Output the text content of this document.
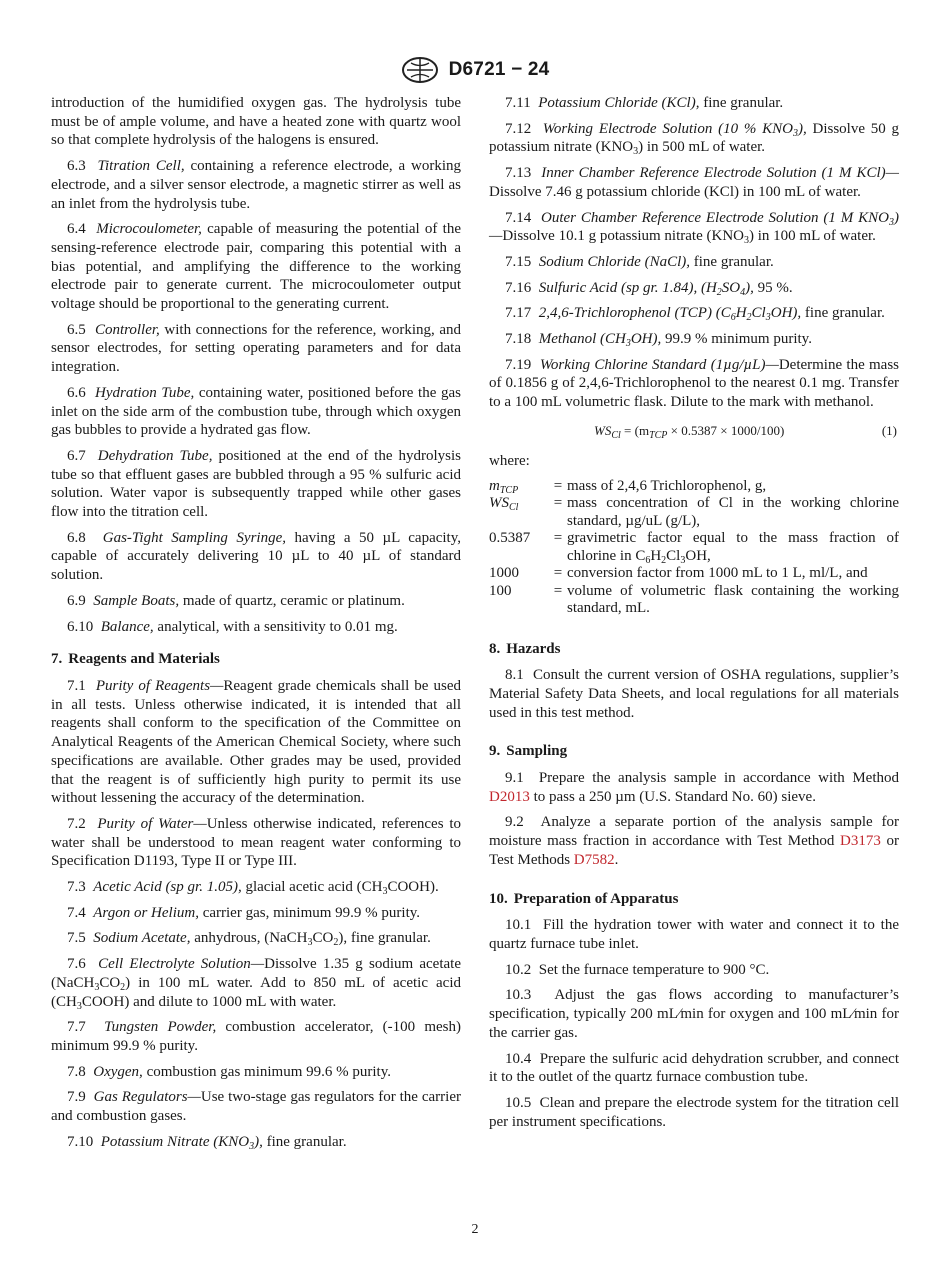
D6721 − 24

introduction of the humidified oxygen gas. The hydrolysis tube must be of ample volume, and have a heated zone with quartz wool so that complete hydrolysis of the halogens is ensured.

6.3 Titration Cell, containing a reference electrode, a working electrode, and a silver sensor electrode, a magnetic stirrer as well as an inlet from the hydrolysis tube.

6.4 Microcoulometer, capable of measuring the potential of the sensing-reference electrode pair, comparing this potential with a bias potential, and amplifying the difference to the working electrode pair to generate current. The microcoulometer output voltage should be proportional to the generating current.

6.5 Controller, with connections for the reference, working, and sensor electrodes, for setting operating parameters and for data integration.

6.6 Hydration Tube, containing water, positioned before the gas inlet on the side arm of the combustion tube, through which oxygen gas bubbles to provide a hydrated gas flow.

6.7 Dehydration Tube, positioned at the end of the hydrolysis tube so that effluent gases are bubbled through a 95 % sulfuric acid solution. Water vapor is subsequently trapped while other gases flow into the titration cell.

6.8 Gas-Tight Sampling Syringe, having a 50 µL capacity, capable of accurately delivering 10 µL to 40 µL of standard solution.

6.9 Sample Boats, made of quartz, ceramic or platinum.

6.10 Balance, analytical, with a sensitivity to 0.01 mg.

7. Reagents and Materials

7.1 Purity of Reagents—Reagent grade chemicals shall be used in all tests. Unless otherwise indicated, it is intended that all reagents shall conform to the specification of the Committee on Analytical Reagents of the American Chemical Society, where such specifications are available. Other grades may be used, provided that the reagent is of sufficiently high purity to permit its use without lessening the accuracy of the determination.

7.2 Purity of Water—Unless otherwise indicated, references to water shall be understood to mean reagent water conforming to Specification D1193, Type II or Type III.

7.3 Acetic Acid (sp gr. 1.05), glacial acetic acid $(CH_3COOH)$.

7.4 Argon or Helium, carrier gas, minimum 99.9 % purity.

7.5 Sodium Acetate, anhydrous, $(NaCH_3CO_2)$, fine granular.

7.6 Cell Electrolyte Solution—Dissolve 1.35 g sodium acetate $(NaCH_3CO_2)$ in 100 mL water. Add to 850 mL of acetic acid $(CH_3COOH)$ and dilute to 1000 mL with water.

7.7 Tungsten Powder, combustion accelerator, (-100 mesh) minimum 99.9 % purity.

7.8 Oxygen, combustion gas minimum 99.6 % purity.

7.9 Gas Regulators—Use two-stage gas regulators for the carrier and combustion gases.

7.10 Potassium Nitrate $(KNO_3)$, fine granular.

7.11 Potassium Chloride (KCl), fine granular.

7.12 Working Electrode Solution (10 % $KNO_3$), Dissolve 50 g potassium nitrate $(KNO_3)$ in 500 mL of water.

7.13 Inner Chamber Reference Electrode Solution (1 M KCl)—Dissolve 7.46 g potassium chloride (KCl) in 100 mL of water.

7.14 Outer Chamber Reference Electrode Solution (1 M $KNO_3)—Dissolve$ 10.1 g potassium nitrate $(KNO_3)$ in 100 mL of water.

7.15 Sodium Chloride (NaCl), fine granular.

7.16 Sulfuric Acid (sp gr. 1.84), $(H_2SO_4)$, 95 %.

7.17 2,4,6-Trichlorophenol (TCP) $(C_6H_2Cl_3OH)$, fine granular.

7.18 Methanol $(CH_3OH)$, 99.9 % minimum purity.

7.19 Working Chlorine Standard (1µg/µL)—Determine the mass of 0.1856 g of 2,4,6-Trichlorophenol to the nearest 0.1 mg. Transfer to a 100 mL volumetric flask. Dilute to the mark with methanol.

$WS_{Cl} = (m_{TCP} \times 0.5387 \times 1000/100)$	(1)

where:

$m_{TCP}$	=	mass of 2,4,6 Trichlorophenol, g,
$WS_{Cl}$	=	mass concentration of Cl in the working chlorine standard, µg/uL (g/L),
0.5387	=	gravimetric factor equal to the mass fraction of chlorine in $C_6H_2Cl_3OH$,
1000	=	conversion factor from 1000 mL to 1 L, ml/L, and
100	=	volume of volumetric flask containing the working standard, mL.
8. Hazards

8.1 Consult the current version of OSHA regulations, supplier’s Material Safety Data Sheets, and local regulations for all materials used in this test method.

9. Sampling

9.1 Prepare the analysis sample in accordance with Method D2013 to pass a 250 µm (U.S. Standard No. 60) sieve.

9.2 Analyze a separate portion of the analysis sample for moisture mass fraction in accordance with Test Method D3173 or Test Methods D7582.

10. Preparation of Apparatus

10.1 Fill the hydration tower with water and connect it to the quartz furnace tube inlet.

10.2 Set the furnace temperature to 900 °C.

10.3 Adjust the gas flows according to manufacturer’s specification, typically 200 mL⁄min for oxygen and 100 mL⁄min for the carrier gas.

10.4 Prepare the sulfuric acid dehydration scrubber, and connect it to the outlet of the quartz furnace combustion tube.

10.5 Clean and prepare the electrode system for the titration cell per instrument specifications.

2
